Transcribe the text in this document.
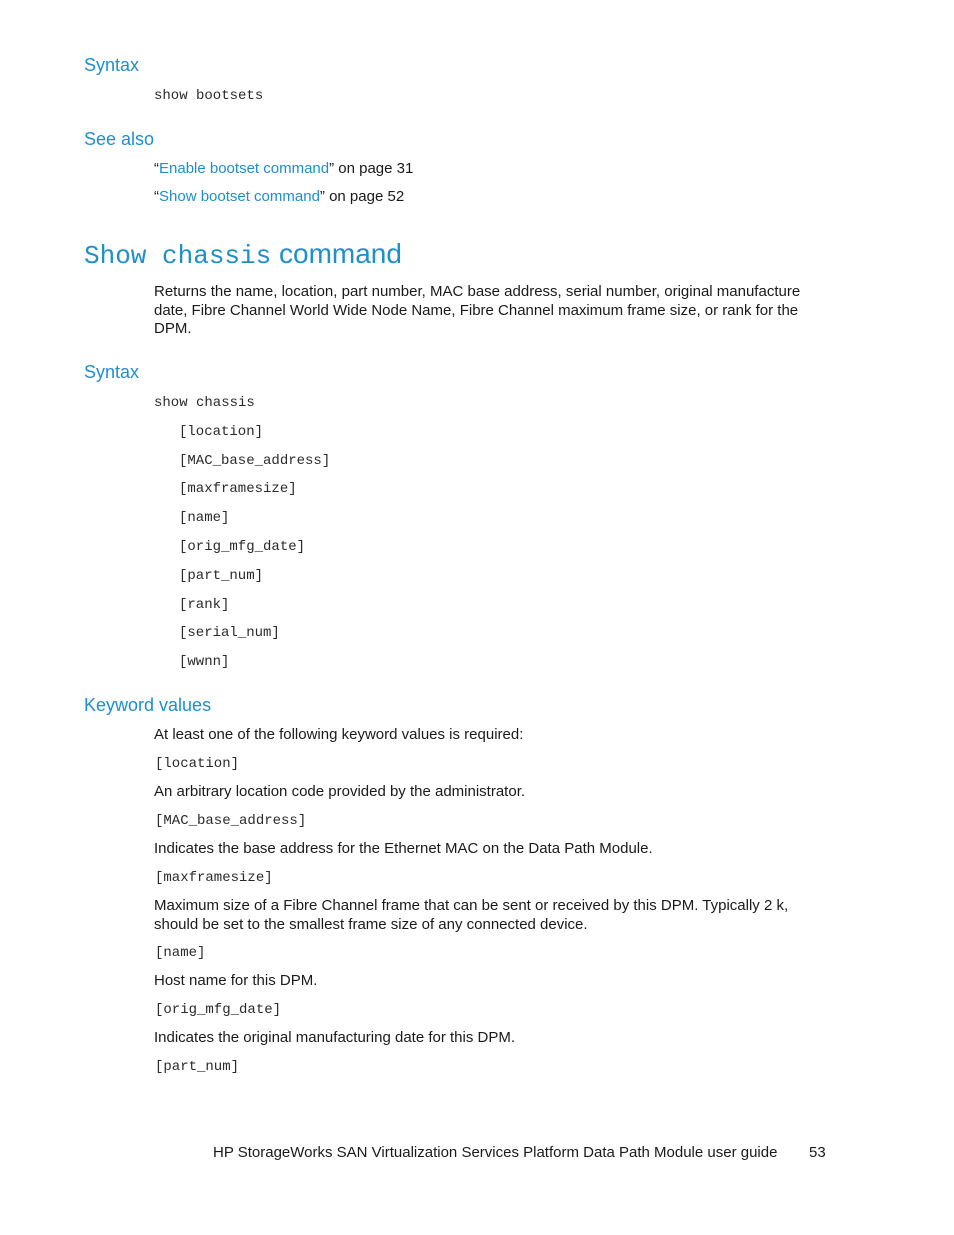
Syntax
show bootsets
See also
“Enable bootset command” on page 31
“Show bootset command” on page 52
Show chassis command
Returns the name, location, part number, MAC base address, serial number, original manufacture date, Fibre Channel World Wide Node Name, Fibre Channel maximum frame size, or rank for the DPM.
Syntax
show chassis
[location]
[MAC_base_address]
[maxframesize]
[name]
[orig_mfg_date]
[part_num]
[rank]
[serial_num]
[wwnn]
Keyword values
At least one of the following keyword values is required:
[location]
An arbitrary location code provided by the administrator.
[MAC_base_address]
Indicates the base address for the Ethernet MAC on the Data Path Module.
[maxframesize]
Maximum size of a Fibre Channel frame that can be sent or received by this DPM. Typically 2 k, should be set to the smallest frame size of any connected device.
[name]
Host name for this DPM.
[orig_mfg_date]
Indicates the original manufacturing date for this DPM.
[part_num]
HP StorageWorks SAN Virtualization Services Platform Data Path Module user guide 53
